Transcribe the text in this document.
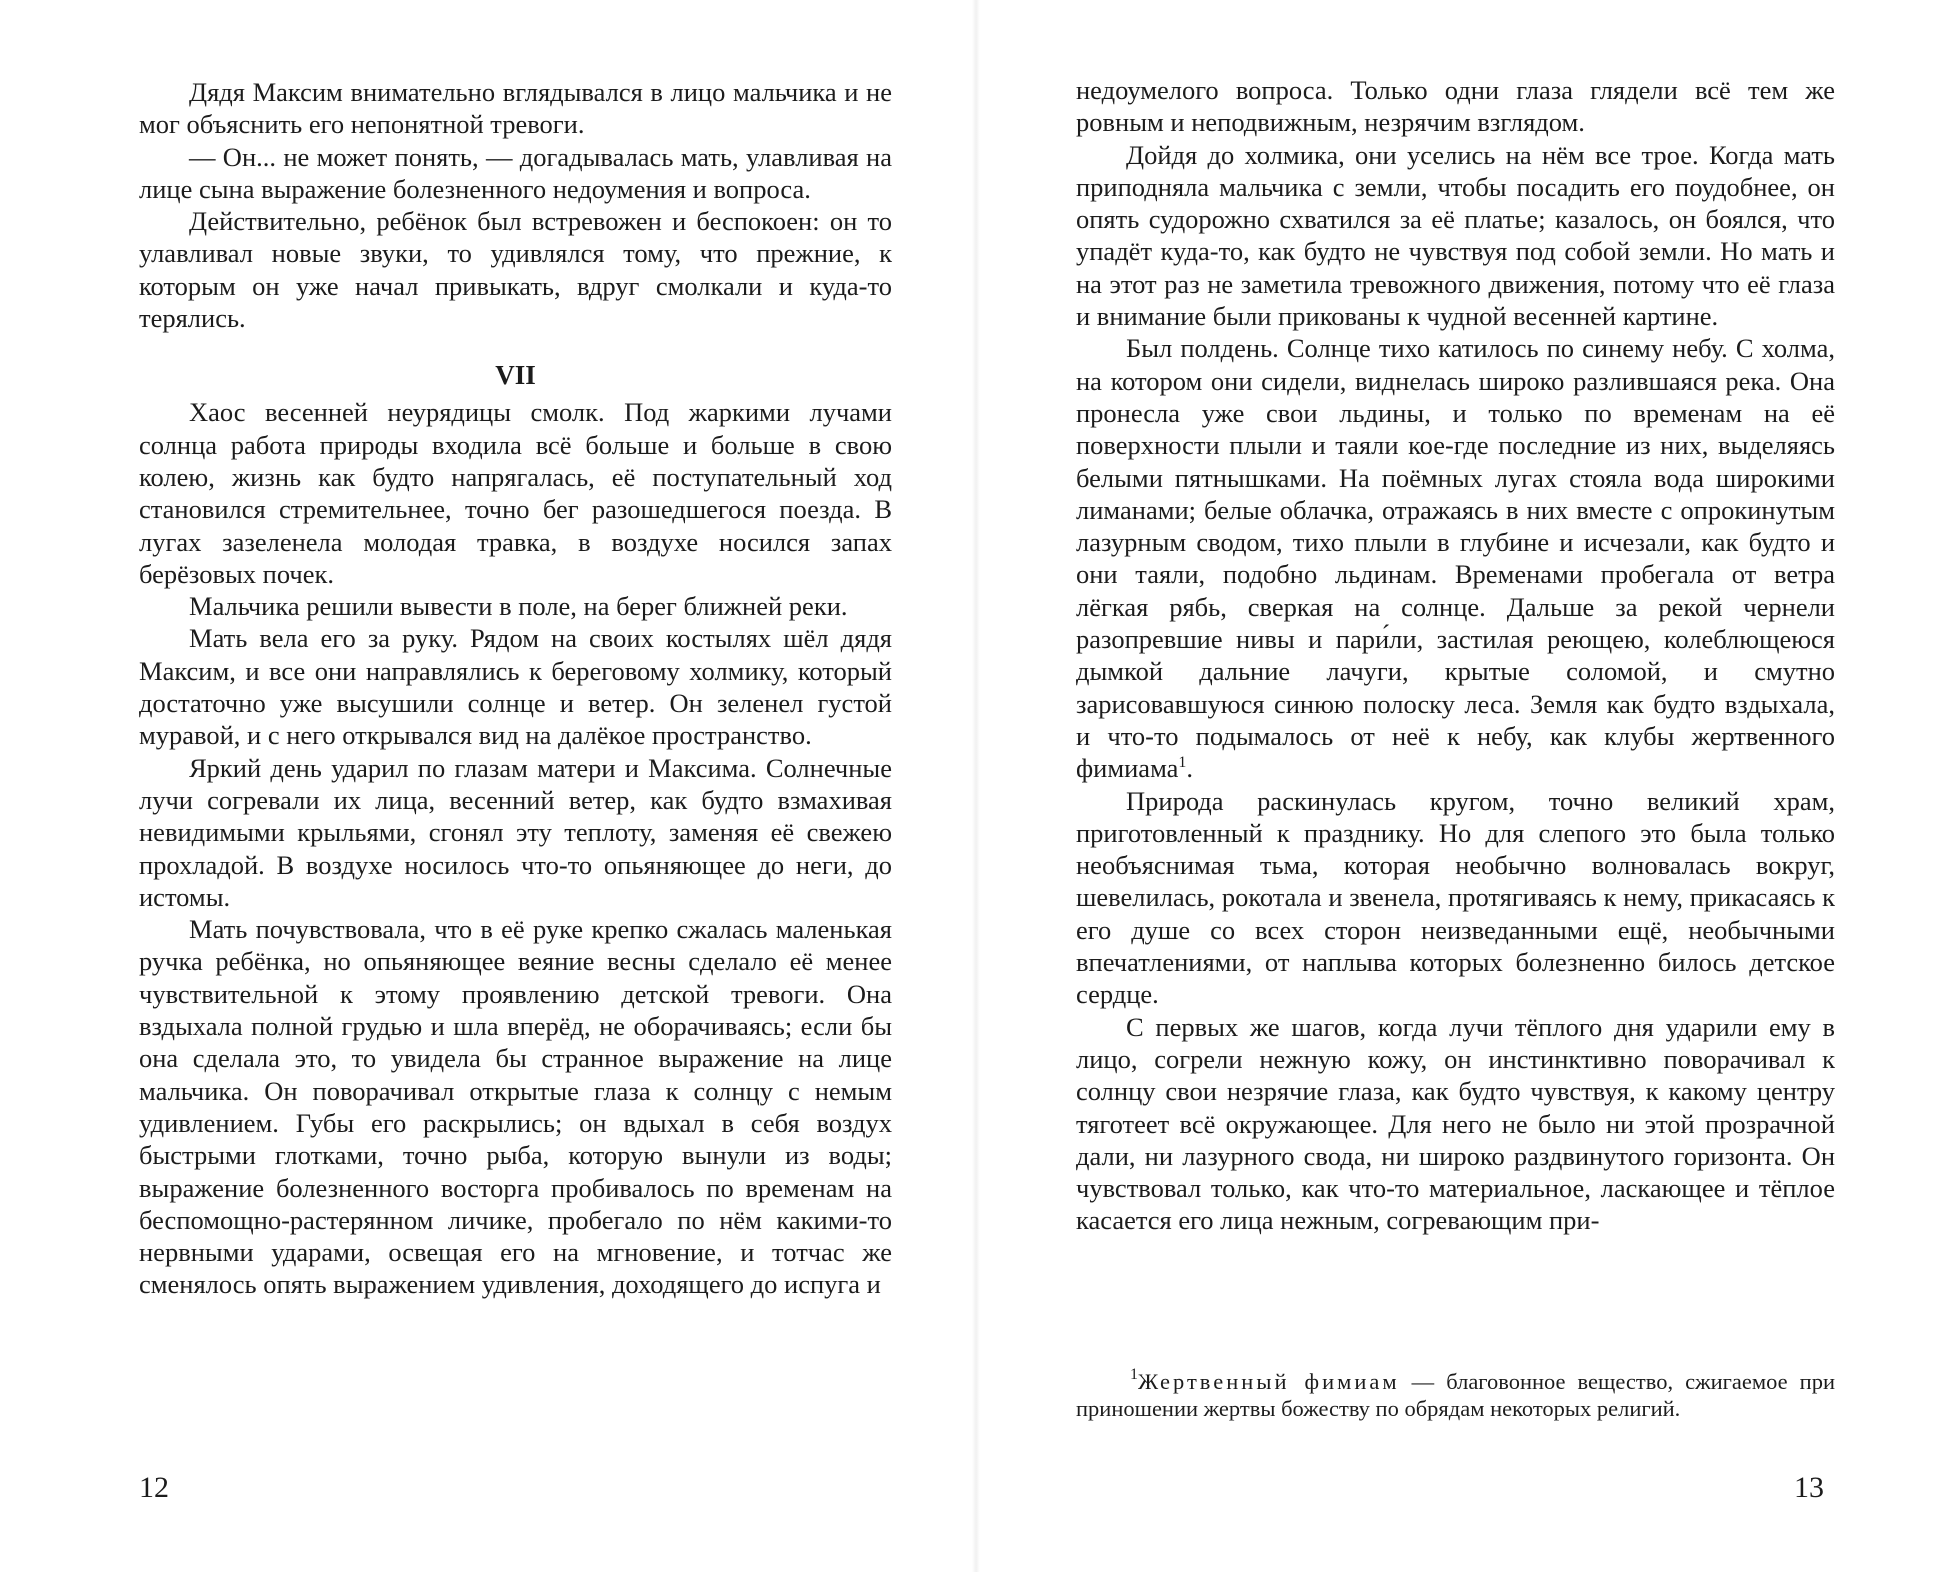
Дядя Максим внимательно вглядывался в лицо мальчика и не мог объяснить его непонятной тревоги.

— Он... не может понять, — догадывалась мать, улавливая на лице сына выражение болезненного недоумения и вопроса.

Действительно, ребёнок был встревожен и беспокоен: он то улавливал новые звуки, то удивлялся тому, что прежние, к которым он уже начал привыкать, вдруг смолкали и куда-то терялись.

VII

Хаос весенней неурядицы смолк. Под жаркими лучами солнца работа природы входила всё больше и больше в свою колею, жизнь как будто напрягалась, её поступательный ход становился стремительнее, точно бег разошедшегося поезда. В лугах зазеленела молодая травка, в воздухе носился запах берёзовых почек.

Мальчика решили вывести в поле, на берег ближней реки.

Мать вела его за руку. Рядом на своих костылях шёл дядя Максим, и все они направлялись к береговому холмику, который достаточно уже высушили солнце и ветер. Он зеленел густой муравой, и с него открывался вид на далёкое пространство.

Яркий день ударил по глазам матери и Максима. Солнечные лучи согревали их лица, весенний ветер, как будто взмахивая невидимыми крыльями, сгонял эту теплоту, заменяя её свежею прохладой. В воздухе носилось что-то опьяняющее до неги, до истомы.

Мать почувствовала, что в её руке крепко сжалась маленькая ручка ребёнка, но опьяняющее веяние весны сделало её менее чувствительной к этому проявлению детской тревоги. Она вздыхала полной грудью и шла вперёд, не оборачиваясь; если бы она сделала это, то увидела бы странное выражение на лице мальчика. Он поворачивал открытые глаза к солнцу с немым удивлением. Губы его раскрылись; он вдыхал в себя воздух быстрыми глотками, точно рыба, которую вынули из воды; выражение болезненного восторга пробивалось по временам на беспомощно-растерянном личике, пробегало по нём какими-то нервными ударами, освещая его на мгновение, и тотчас же сменялось опять выражением удивления, доходящего до испуга и

12

недоумелого вопроса. Только одни глаза глядели всё тем же ровным и неподвижным, незрячим взглядом.

Дойдя до холмика, они уселись на нём все трое. Когда мать приподняла мальчика с земли, чтобы посадить его поудобнее, он опять судорожно схватился за её платье; казалось, он боялся, что упадёт куда-то, как будто не чувствуя под собой земли. Но мать и на этот раз не заметила тревожного движения, потому что её глаза и внимание были прикованы к чудной весенней картине.

Был полдень. Солнце тихо катилось по синему небу. С холма, на котором они сидели, виднелась широко разлившаяся река. Она пронесла уже свои льдины, и только по временам на её поверхности плыли и таяли кое-где последние из них, выделяясь белыми пятнышками. На поёмных лугах стояла вода широкими лиманами; белые облачка, отражаясь в них вместе с опрокинутым лазурным сводом, тихо плыли в глубине и исчезали, как будто и они таяли, подобно льдинам. Временами пробегала от ветра лёгкая рябь, сверкая на солнце. Дальше за рекой чернели разопревшие нивы и пари́ли, застилая реющею, колеблющеюся дымкой дальние лачуги, крытые соломой, и смутно зарисовавшуюся синюю полоску леса. Земля как будто вздыхала, и что-то подымалось от неё к небу, как клубы жертвенного фимиама$^1$.

Природа раскинулась кругом, точно великий храм, приготовленный к празднику. Но для слепого это была только необъяснимая тьма, которая необычно волновалась вокруг, шевелилась, рокотала и звенела, протягиваясь к нему, прикасаясь к его душе со всех сторон неизведанными ещё, необычными впечатлениями, от наплыва которых болезненно билось детское сердце.

С первых же шагов, когда лучи тёплого дня ударили ему в лицо, согрели нежную кожу, он инстинктивно поворачивал к солнцу свои незрячие глаза, как будто чувствуя, к какому центру тяготеет всё окружающее. Для него не было ни этой прозрачной дали, ни лазурного свода, ни широко раздвинутого горизонта. Он чувствовал только, как что-то материальное, ласкающее и тёплое касается его лица нежным, согревающим при-

$^1$Жертвенный фимиам — благовонное вещество, сжигаемое при приношении жертвы божеству по обрядам некоторых религий.

13
